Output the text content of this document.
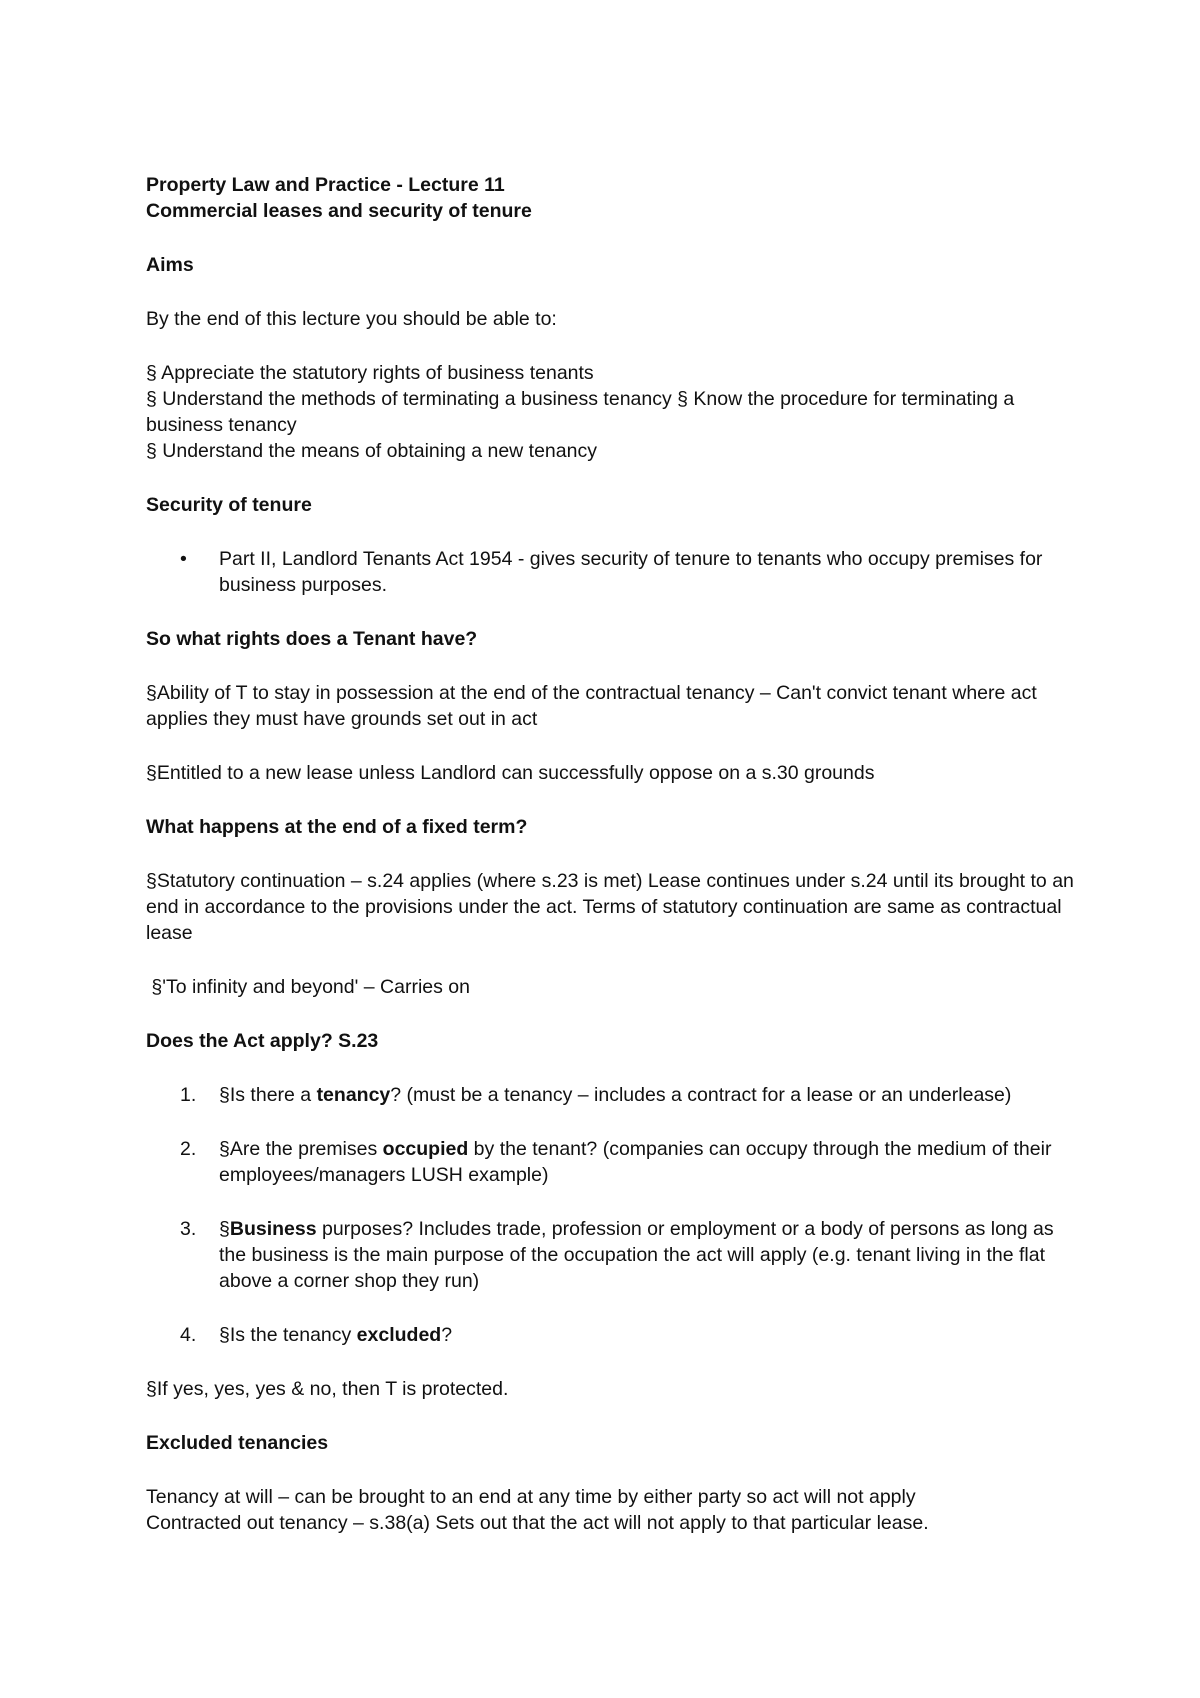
Property Law and Practice - Lecture 11

Commercial leases and security of tenure

Aims

By the end of this lecture you should be able to:

§ Appreciate the statutory rights of business tenants

§ Understand the methods of terminating a business tenancy § Know the procedure for terminating a business tenancy

§ Understand the means of obtaining a new tenancy

Security of tenure

• Part II, Landlord Tenants Act 1954 - gives security of tenure to tenants who occupy premises for business purposes.

So what rights does a Tenant have?

§Ability of T to stay in possession at the end of the contractual tenancy – Can't convict tenant where act applies they must have grounds set out in act

§Entitled to a new lease unless Landlord can successfully oppose on a s.30 grounds

What happens at the end of a fixed term?

§Statutory continuation – s.24 applies (where s.23 is met) Lease continues under s.24 until its brought to an end in accordance to the provisions under the act. Terms of statutory continuation are same as contractual lease

§'To infinity and beyond' – Carries on

Does the Act apply? S.23

1.	§Is there a tenancy? (must be a tenancy – includes a contract for a lease or an underlease)
2.	§Are the premises occupied by the tenant? (companies can occupy through the medium of their employees/managers LUSH example)
3.	§Business purposes? Includes trade, profession or employment or a body of persons as long as the business is the main purpose of the occupation the act will apply (e.g. tenant living in the flat above a corner shop they run)
4.	§Is the tenancy excluded?

§If yes, yes, yes & no, then T is protected.

Excluded tenancies

Tenancy at will – can be brought to an end at any time by either party so act will not apply

Contracted out tenancy – s.38(a) Sets out that the act will not apply to that particular lease.
